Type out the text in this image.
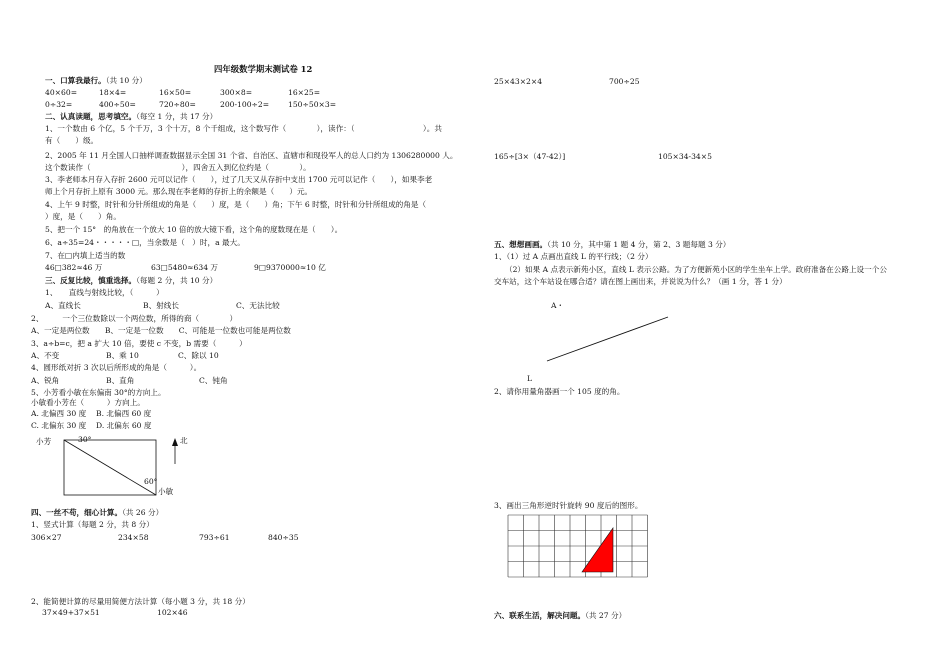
四年级数学期末测试卷 12
一、口算我最行。（共 10 分）
40×60=	18×4=	16×50=	300×8=	16×25=
0÷32=	400÷50=	720÷80=	200-100÷2= 150÷50×3=
二、认真读题，思考填空。（每空 1 分，共 17 分）
1、一个数由 6 个亿，5 个千万，3 个十万，8 个千组成，这个数写作（　　　　），读作：（　　　　　　　　　）。共
有（　　）级。
2、2005 年 11 月全国人口抽样调查数据显示全国 31 个省、自治区、直辖市和现役军人的总人口约为 1306280000 人。
这个数读作（　　　　　　　　　　　　），四舍五入到亿位约是（　　　　）。
3、李老师本月存入存折 2600 元可以记作（　　），过了几天又从存折中支出 1700 元可以记作（　　），如果李老
师上个月存折上原有 3000 元。那么现在李老师的存折上的余额是（　　）元。
4、上午 9 时整，时针和分针所组成的角是（　　）度，是（　　）角；下午 6 时整，时针和分针所组成的角是（
）度，是（　　）角。
5、把一个 15°　的角放在一个放大 10 倍的放大镜下看，这个角的度数现在是（　　）。
6、a÷35=24・・・・・□，当余数是（　）时，a 最大。
7、在□内填上适当的数
46□382≈46 万	63□5480≈634 万	9□9370000≈10 亿
三、反复比较，慎重选择。（每题 2 分，共 10 分）
1、　　直线与射线比较，（　　　）
A、直线长	B、射线长	C、无法比较
2、　　　一个三位数除以一个两位数，所得的商（　　　　）
A、一定是两位数　　B、一定是一位数　　C、可能是一位数也可能是两位数
3、a÷b=c，把 a 扩大 10 倍，要使 c 不变，b 需要（　　　）
A、不变	B、乘 10	C、除以 10
4、圆形纸对折 3 次以后所形成的角是（　　　）。
A、锐角	B、直角	C、钝角
5、小芳看小敏在东偏南 30°的方向上。
小敏看小芳在（　　　）方向上。
A. 北偏西 30 度 B. 北偏西 60 度
C. 北偏东 30 度 D. 北偏东 60 度
小芳	30°
60°
小敏
北
四、一丝不苟，细心计算。（共 26 分）
1、竖式计算（每题 2 分，共 8 分）
306×27	234×58	793÷61	840÷35
2、能简便计算的尽量用简便方法计算（每小题 3 分，共 18 分）
37×49+37×51	102×46
25×43×2×4	700÷25
165÷[3×（47-42）]	105×34-34×5
五、想想画画。（共 10 分，其中第 1 题 4 分，第 2、3 题每题 3 分）
1、（1）过 A 点画出直线 L 的平行线；（2 分）
（2）如果 A 点表示新苑小区，直线 L 表示公路。为了方便新苑小区的学生坐车上学。政府准备在公路上设一个公
交车站，这个车站设在哪合适？请在图上画出来，并说说为什么？（画 1 分，答 1 分）
A・
L
2、请你用量角器画一个 105 度的角。
3、画出三角形逆时针旋转 90 度后的图形。
六、联系生活，解决问题。（共 27 分）
